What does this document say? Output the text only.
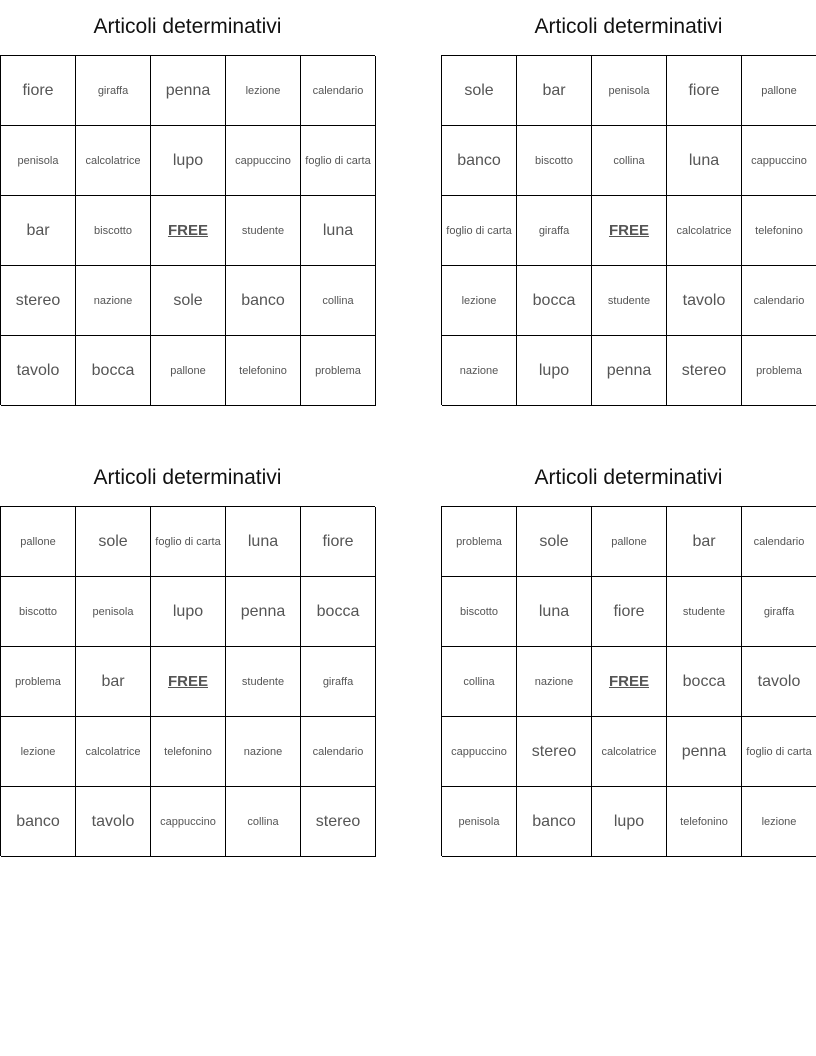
Articoli determinativi
fiore	giraffa	penna	lezione	calendario
penisola	calcolatrice	lupo	cappuccino	foglio di carta
bar	biscotto	FREE	studente	luna
stereo	nazione	sole	banco	collina
tavolo	bocca	pallone	telefonino	problema
Articoli determinativi
sole	bar	penisola	fiore	pallone
banco	biscotto	collina	luna	cappuccino
foglio di carta	giraffa	FREE	calcolatrice	telefonino
lezione	bocca	studente	tavolo	calendario
nazione	lupo	penna	stereo	problema
Articoli determinativi
pallone	sole	foglio di carta	luna	fiore
biscotto	penisola	lupo	penna	bocca
problema	bar	FREE	studente	giraffa
lezione	calcolatrice	telefonino	nazione	calendario
banco	tavolo	cappuccino	collina	stereo
Articoli determinativi
problema	sole	pallone	bar	calendario
biscotto	luna	fiore	studente	giraffa
collina	nazione	FREE	bocca	tavolo
cappuccino	stereo	calcolatrice	penna	foglio di carta
penisola	banco	lupo	telefonino	lezione
